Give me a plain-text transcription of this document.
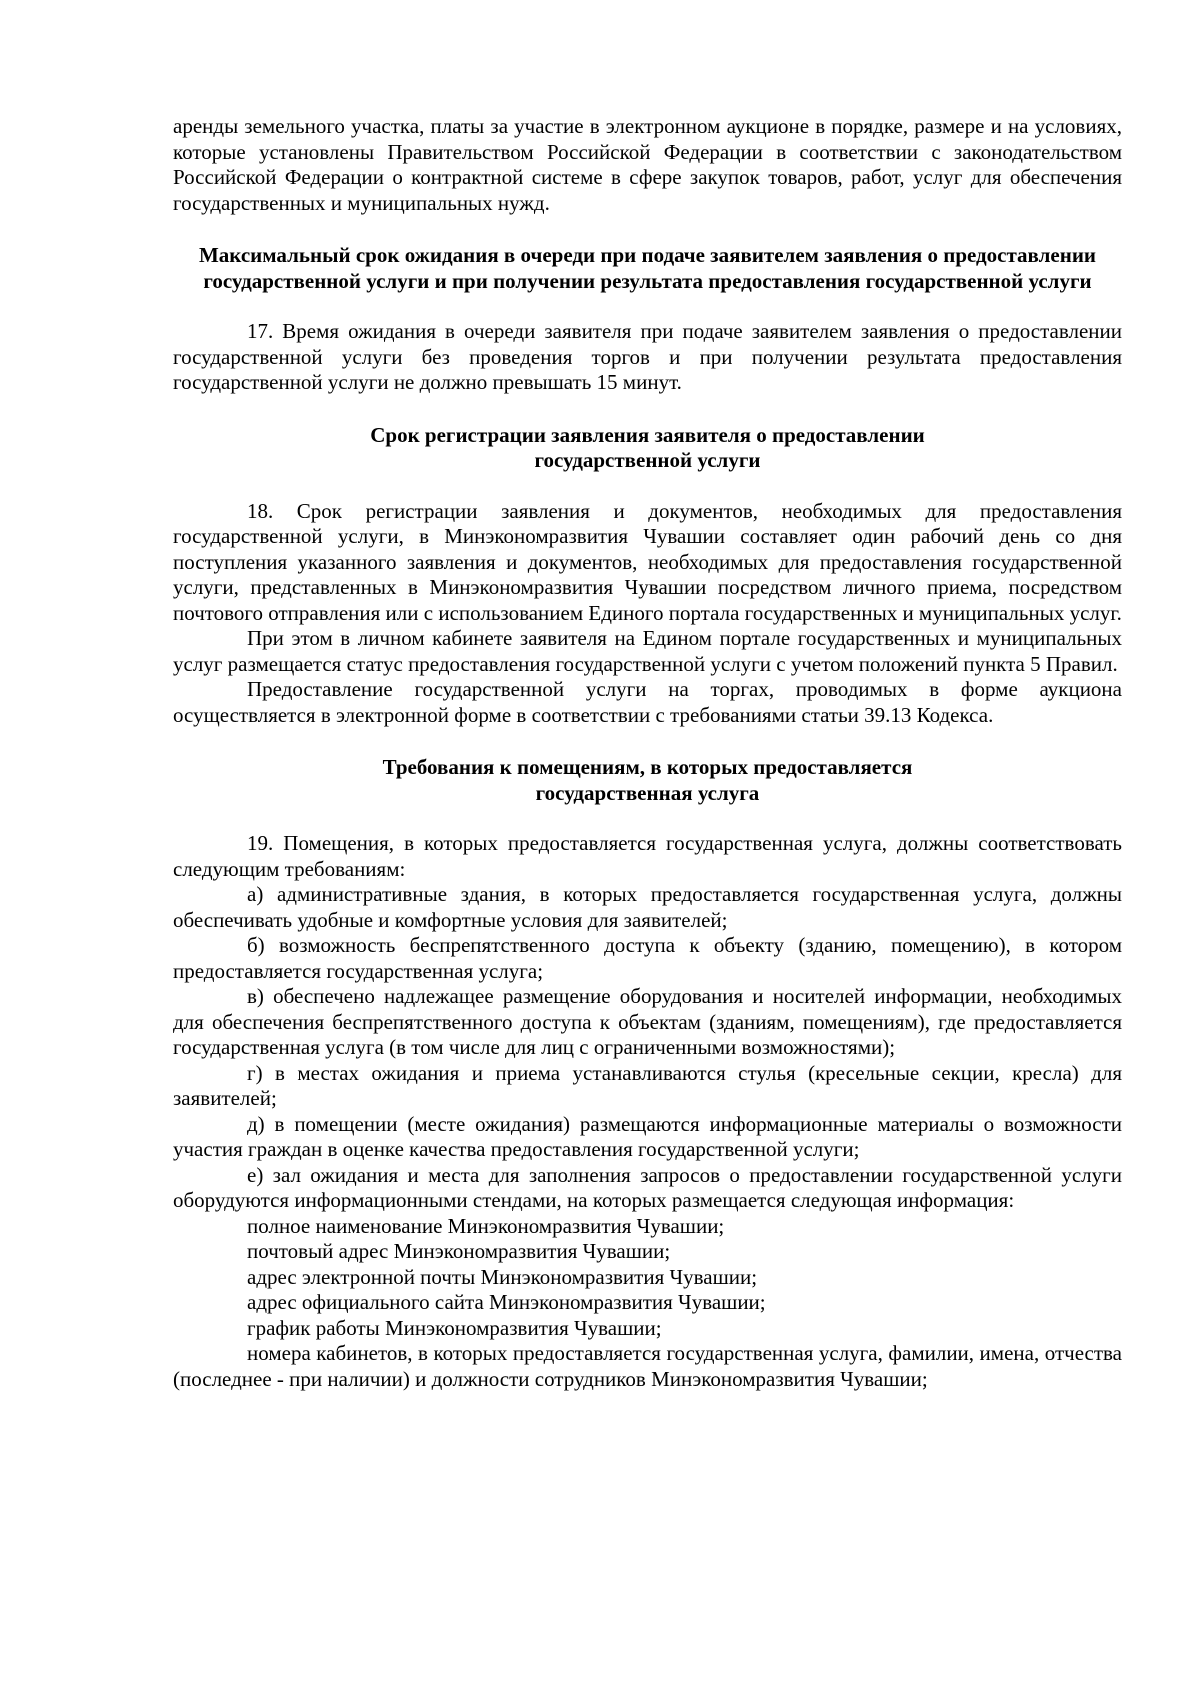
аренды земельного участка, платы за участие в электронном аукционе в порядке, размере и на условиях, которые установлены Правительством Российской Федерации в соответствии с законодательством Российской Федерации о контрактной системе в сфере закупок товаров, работ, услуг для обеспечения государственных и муниципальных нужд.

Максимальный срок ожидания в очереди при подаче заявителем заявления о предоставлении государственной услуги и при получении результата предоставления государственной услуги

17. Время ожидания в очереди заявителя при подаче заявителем заявления о предоставлении государственной услуги без проведения торгов и при получении результата предоставления государственной услуги не должно превышать 15 минут.

Срок регистрации заявления заявителя о предоставлении государственной услуги

18. Срок регистрации заявления и документов, необходимых для предоставления государственной услуги, в Минэкономразвития Чувашии составляет один рабочий день со дня поступления указанного заявления и документов, необходимых для предоставления государственной услуги, представленных в Минэкономразвития Чувашии посредством личного приема, посредством почтового отправления или с использованием Единого портала государственных и муниципальных услуг.

При этом в личном кабинете заявителя на Едином портале государственных и муниципальных услуг размещается статус предоставления государственной услуги с учетом положений пункта 5 Правил.

Предоставление государственной услуги на торгах, проводимых в форме аукциона осуществляется в электронной форме в соответствии с требованиями статьи 39.13 Кодекса.

Требования к помещениям, в которых предоставляется государственная услуга

19. Помещения, в которых предоставляется государственная услуга, должны соответствовать следующим требованиям:

а) административные здания, в которых предоставляется государственная услуга, должны обеспечивать удобные и комфортные условия для заявителей;

б) возможность беспрепятственного доступа к объекту (зданию, помещению), в котором предоставляется государственная услуга;

в) обеспечено надлежащее размещение оборудования и носителей информации, необходимых для обеспечения беспрепятственного доступа к объектам (зданиям, помещениям), где предоставляется государственная услуга (в том числе для лиц с ограниченными возможностями);

г) в местах ожидания и приема устанавливаются стулья (кресельные секции, кресла) для заявителей;

д) в помещении (месте ожидания) размещаются информационные материалы о возможности участия граждан в оценке качества предоставления государственной услуги;

е) зал ожидания и места для заполнения запросов о предоставлении государственной услуги оборудуются информационными стендами, на которых размещается следующая информация:

полное наименование Минэкономразвития Чувашии;

почтовый адрес Минэкономразвития Чувашии;

адрес электронной почты Минэкономразвития Чувашии;

адрес официального сайта Минэкономразвития Чувашии;

график работы Минэкономразвития Чувашии;

номера кабинетов, в которых предоставляется государственная услуга, фамилии, имена, отчества (последнее - при наличии) и должности сотрудников Минэкономразвития Чувашии;
